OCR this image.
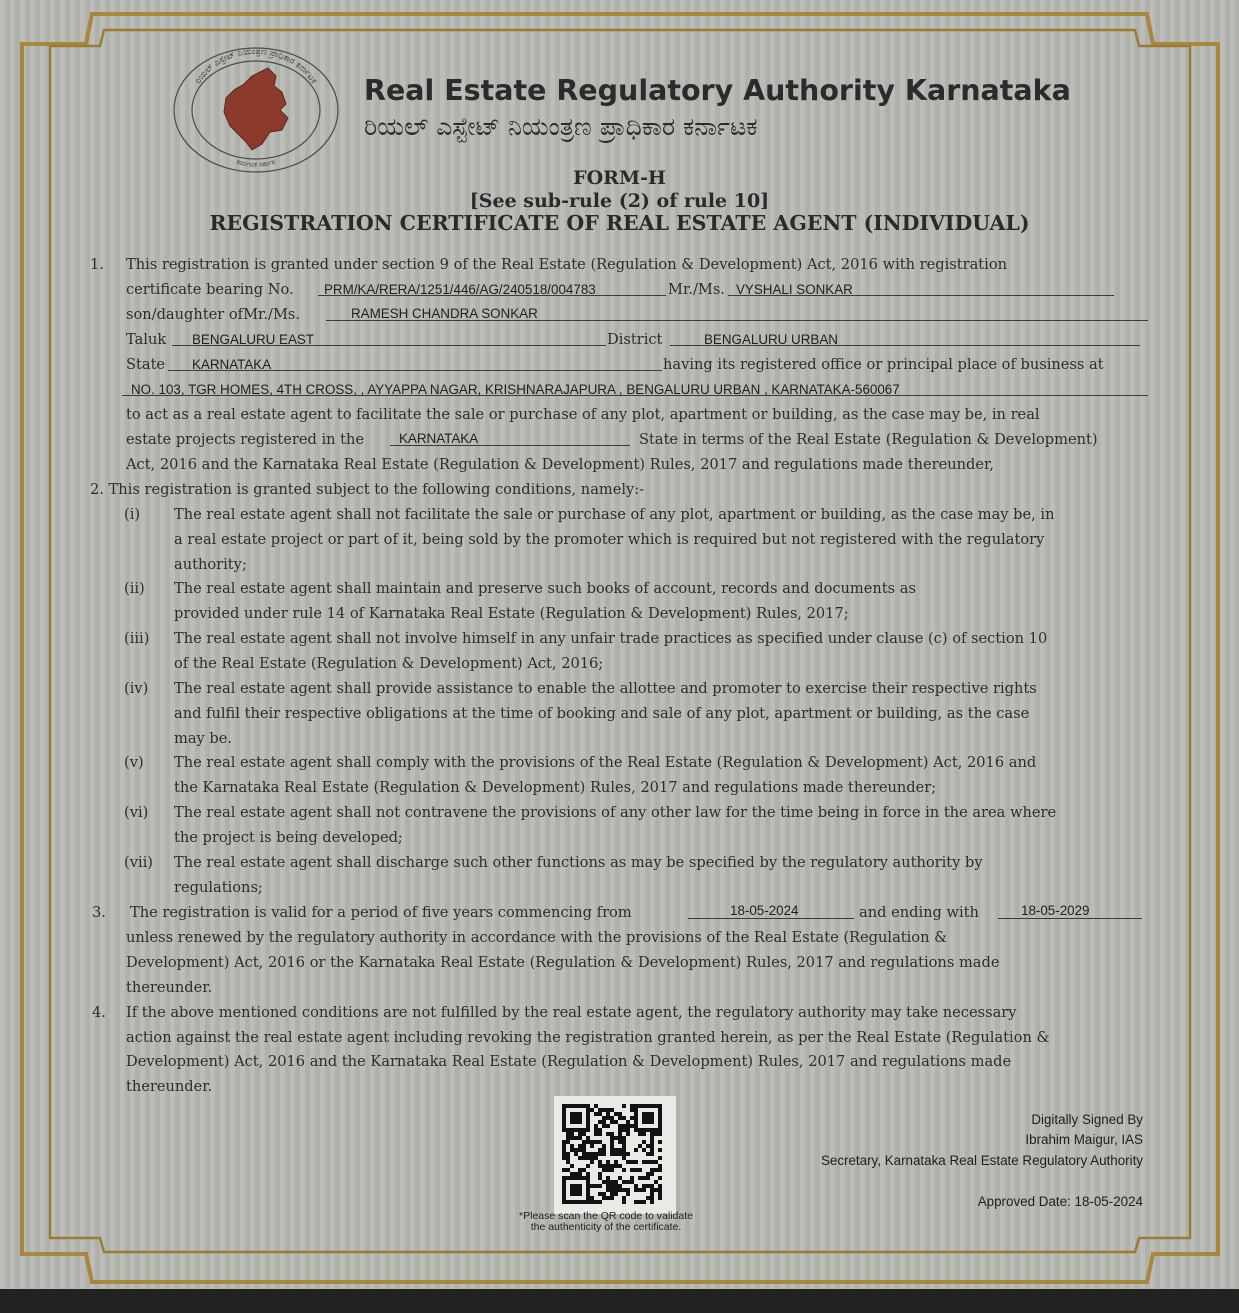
ರಿಯಲ್ ಎಸ್ಟೇಟ್ ನಿಯಂತ್ರಣ ಪ್ರಾಧಿಕಾರ ಕರ್ನಾಟಕ
ಕರ್ನಾಟಕ ಸರ್ಕಾರ
Real Estate Regulatory Authority Karnataka
ರಿಯಲ್ ಎಸ್ಟೇಟ್ ನಿಯಂತ್ರಣ ಪ್ರಾಧಿಕಾರ ಕರ್ನಾಟಕ
FORM-H
[See sub-rule (2) of rule 10]
REGISTRATION CERTIFICATE OF REAL ESTATE AGENT (INDIVIDUAL)
1. This registration is granted under section 9 of the Real Estate (Regulation & Development) Act, 2016 with registration
certificate bearing No. PRM/KA/RERA/1251/446/AG/240518/004783	Mr./Ms. VYSHALI SONKAR
son/daughter ofMr./Ms.	RAMESH CHANDRA SONKAR
Taluk BENGALURU EAST	District	BENGALURU URBAN
State KARNATAKA	having its registered office or principal place of business at
NO. 103, TGR HOMES, 4TH CROSS, , AYYAPPA NAGAR, KRISHNARAJAPURA , BENGALURU URBAN , KARNATAKA-560067
to act as a real estate agent to facilitate the sale or purchase of any plot, apartment or building, as the case may be, in real
estate projects registered in the	KARNATAKA	State in terms of the Real Estate (Regulation & Development)
Act, 2016 and the Karnataka Real Estate (Regulation & Development) Rules, 2017 and regulations made thereunder,
2. This registration is granted subject to the following conditions, namely:-
(i) The real estate agent shall not facilitate the sale or purchase of any plot, apartment or building, as the case may be, in
a real estate project or part of it, being sold by the promoter which is required but not registered with the regulatory
authority;
(ii) The real estate agent shall maintain and preserve such books of account, records and documents as
provided under rule 14 of Karnataka Real Estate (Regulation & Development) Rules, 2017;
(iii) The real estate agent shall not involve himself in any unfair trade practices as specified under clause (c) of section 10
of the Real Estate (Regulation & Development) Act, 2016;
(iv) The real estate agent shall provide assistance to enable the allottee and promoter to exercise their respective rights
and fulfil their respective obligations at the time of booking and sale of any plot, apartment or building, as the case
may be.
(v) The real estate agent shall comply with the provisions of the Real Estate (Regulation & Development) Act, 2016 and
the Karnataka Real Estate (Regulation & Development) Rules, 2017 and regulations made thereunder;
(vi) The real estate agent shall not contravene the provisions of any other law for the time being in force in the area where
the project is being developed;
(vii) The real estate agent shall discharge such other functions as may be specified by the regulatory authority by
regulations;
3. The registration is valid for a period of five years commencing from	18-05-2024	and ending with	18-05-2029
unless renewed by the regulatory authority in accordance with the provisions of the Real Estate (Regulation &
Development) Act, 2016 or the Karnataka Real Estate (Regulation & Development) Rules, 2017 and regulations made
thereunder.
4. If the above mentioned conditions are not fulfilled by the real estate agent, the regulatory authority may take necessary
action against the real estate agent including revoking the registration granted herein, as per the Real Estate (Regulation &
Development) Act, 2016 and the Karnataka Real Estate (Regulation & Development) Rules, 2017 and regulations made
thereunder.
*Please scan the QR code to validate
the authenticity of the certificate.
Digitally Signed By
Ibrahim Maigur, IAS
Secretary, Karnataka Real Estate Regulatory Authority
Approved Date: 18-05-2024
